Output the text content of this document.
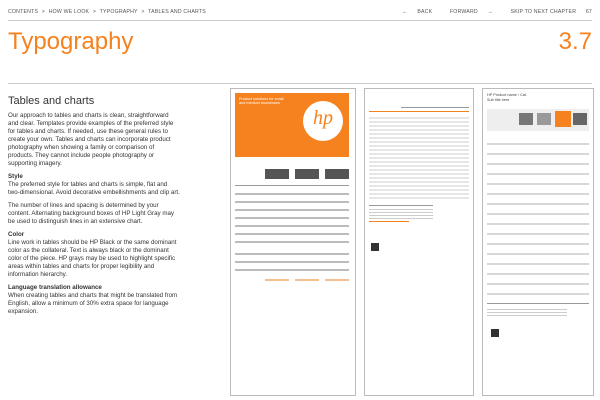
CONTENTS > HOW WE LOOK > TYPOGRAPHY > TABLES AND CHARTS	← BACK	FORWARD →	SKIP TO NEXT CHAPTER 67
Typography	3.7
Tables and charts

Our approach to tables and charts is clean, straightforward and clear. Templates provide examples of the preferred style for tables and charts. If needed, use these general rules to create your own. Tables and charts can incorporate product photography when showing a family or comparison of products. They cannot include people photography or supporting imagery.

Style
The preferred style for tables and charts is simple, flat and two-dimensional. Avoid decorative embellishments and clip art.

The number of lines and spacing is determined by your content. Alternating background boxes of HP Light Gray may be used to distinguish lines in an extensive chart.

Color
Line work in tables should be HP Black or the same dominant color as the collateral. Text is always black or the dominant color of the piece. HP grays may be used to highlight specific areas within tables and charts for proper legibility and information hierarchy.

Language translation allowance
When creating tables and charts that might be translated from English, allow a minimum of 30% extra space for language expansion.

Product solutions for small and medium businesses
hp
HP Product name / Cat.
Sub title here
